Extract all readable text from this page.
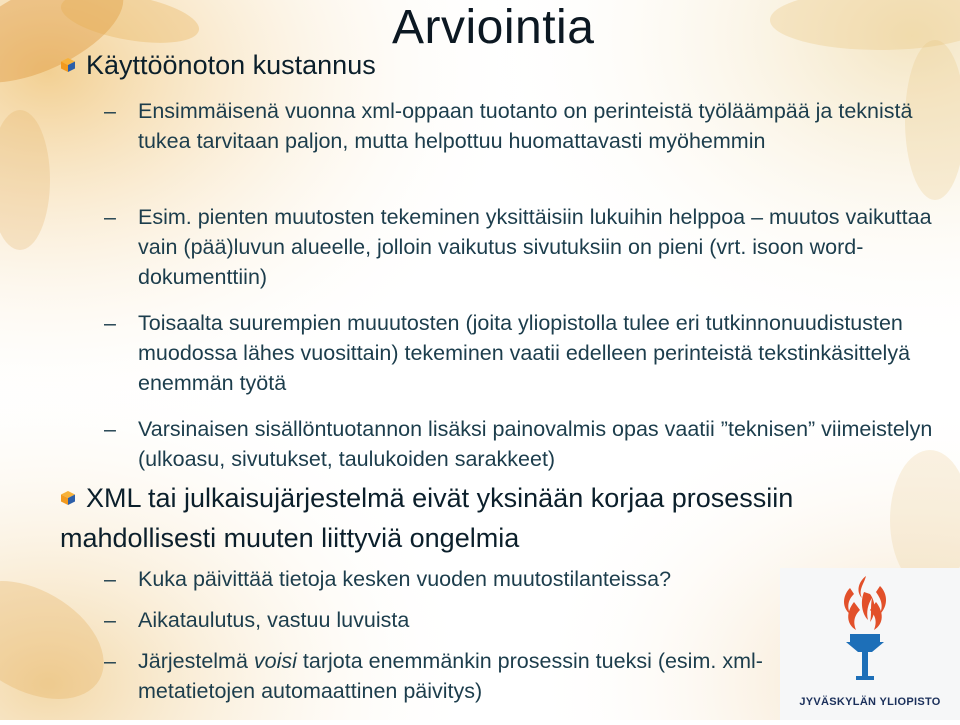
Arviointia
Käyttöönoton kustannus
–	Ensimmäisenä vuonna xml-oppaan tuotanto on perinteistä työläämpää ja teknistä tukea tarvitaan paljon, mutta helpottuu huomattavasti myöhemmin
–	Esim. pienten muutosten tekeminen yksittäisiin lukuihin helppoa – muutos vaikuttaa vain (pää)luvun alueelle, jolloin vaikutus sivutuksiin on pieni (vrt. isoon word-dokumenttiin)
–	Toisaalta suurempien muuutosten (joita yliopistolla tulee eri tutkinnonuudistusten muodossa lähes vuosittain) tekeminen vaatii edelleen perinteistä tekstinkäsittelyä enemmän työtä
–	Varsinaisen sisällöntuotannon lisäksi painovalmis opas vaatii ”teknisen” viimeistelyn (ulkoasu, sivutukset, taulukoiden sarakkeet)
XML tai julkaisujärjestelmä eivät yksinään korjaa prosessiin mahdollisesti muuten liittyviä ongelmia
–	Kuka päivittää tietoja kesken vuoden muutostilanteissa?
–	Aikataulutus, vastuu luvuista
–	Järjestelmä voisi tarjota enemmänkin prosessin tueksi (esim. xml-metatietojen automaattinen päivitys)	JYVÄSKYLÄN YLIOPISTO
